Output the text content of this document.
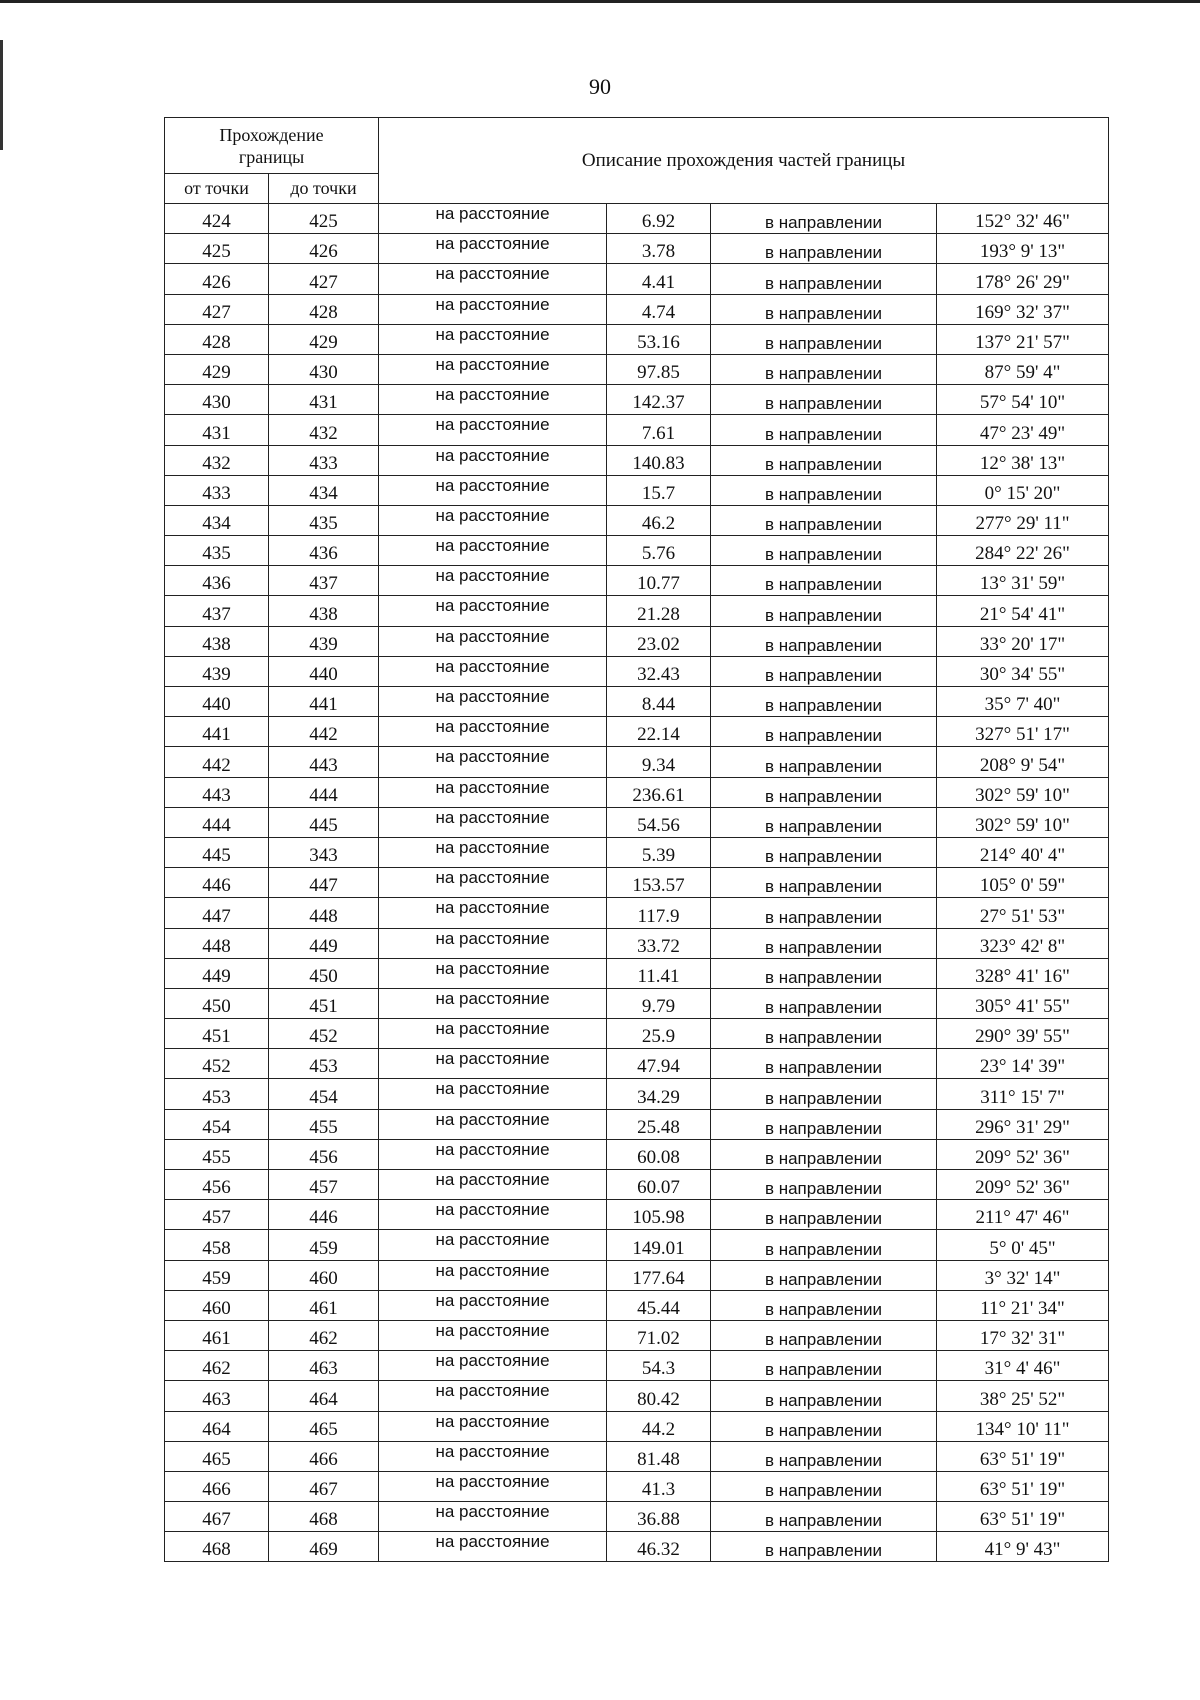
90
Прохождение границы		Описание прохождения частей границы			
от точки	до точки				
424	425	на расстояние	6.92	в направлении	152° 32' 46"
425	426	на расстояние	3.78	в направлении	193° 9' 13"
426	427	на расстояние	4.41	в направлении	178° 26' 29"
427	428	на расстояние	4.74	в направлении	169° 32' 37"
428	429	на расстояние	53.16	в направлении	137° 21' 57"
429	430	на расстояние	97.85	в направлении	87° 59' 4"
430	431	на расстояние	142.37	в направлении	57° 54' 10"
431	432	на расстояние	7.61	в направлении	47° 23' 49"
432	433	на расстояние	140.83	в направлении	12° 38' 13"
433	434	на расстояние	15.7	в направлении	0° 15' 20"
434	435	на расстояние	46.2	в направлении	277° 29' 11"
435	436	на расстояние	5.76	в направлении	284° 22' 26"
436	437	на расстояние	10.77	в направлении	13° 31' 59"
437	438	на расстояние	21.28	в направлении	21° 54' 41"
438	439	на расстояние	23.02	в направлении	33° 20' 17"
439	440	на расстояние	32.43	в направлении	30° 34' 55"
440	441	на расстояние	8.44	в направлении	35° 7' 40"
441	442	на расстояние	22.14	в направлении	327° 51' 17"
442	443	на расстояние	9.34	в направлении	208° 9' 54"
443	444	на расстояние	236.61	в направлении	302° 59' 10"
444	445	на расстояние	54.56	в направлении	302° 59' 10"
445	343	на расстояние	5.39	в направлении	214° 40' 4"
446	447	на расстояние	153.57	в направлении	105° 0' 59"
447	448	на расстояние	117.9	в направлении	27° 51' 53"
448	449	на расстояние	33.72	в направлении	323° 42' 8"
449	450	на расстояние	11.41	в направлении	328° 41' 16"
450	451	на расстояние	9.79	в направлении	305° 41' 55"
451	452	на расстояние	25.9	в направлении	290° 39' 55"
452	453	на расстояние	47.94	в направлении	23° 14' 39"
453	454	на расстояние	34.29	в направлении	311° 15' 7"
454	455	на расстояние	25.48	в направлении	296° 31' 29"
455	456	на расстояние	60.08	в направлении	209° 52' 36"
456	457	на расстояние	60.07	в направлении	209° 52' 36"
457	446	на расстояние	105.98	в направлении	211° 47' 46"
458	459	на расстояние	149.01	в направлении	5° 0' 45"
459	460	на расстояние	177.64	в направлении	3° 32' 14"
460	461	на расстояние	45.44	в направлении	11° 21' 34"
461	462	на расстояние	71.02	в направлении	17° 32' 31"
462	463	на расстояние	54.3	в направлении	31° 4' 46"
463	464	на расстояние	80.42	в направлении	38° 25' 52"
464	465	на расстояние	44.2	в направлении	134° 10' 11"
465	466	на расстояние	81.48	в направлении	63° 51' 19"
466	467	на расстояние	41.3	в направлении	63° 51' 19"
467	468	на расстояние	36.88	в направлении	63° 51' 19"
468	469	на расстояние	46.32	в направлении	41° 9' 43"
